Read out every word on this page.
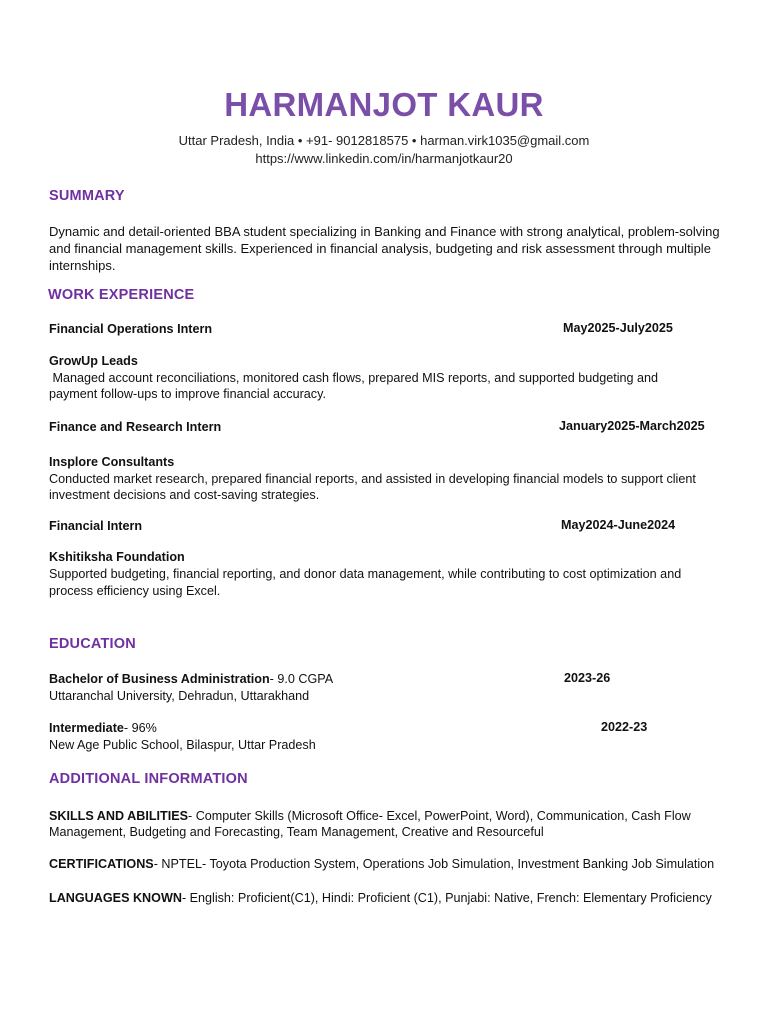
HARMANJOT KAUR
Uttar Pradesh, India • +91- 9012818575 • harman.virk1035@gmail.com
https://www.linkedin.com/in/harmanjotkaur20
SUMMARY
Dynamic and detail-oriented BBA student specializing in Banking and Finance with strong analytical, problem-solving
and financial management skills. Experienced in financial analysis, budgeting and risk assessment through multiple
internships.
WORK EXPERIENCE
Financial Operations Intern	May2025-July2025
GrowUp Leads
Managed account reconciliations, monitored cash flows, prepared MIS reports, and supported budgeting and
payment follow-ups to improve financial accuracy.
Finance and Research Intern	January2025-March2025
Insplore Consultants
Conducted market research, prepared financial reports, and assisted in developing financial models to support client
investment decisions and cost-saving strategies.
Financial Intern	May2024-June2024
Kshitiksha Foundation
Supported budgeting, financial reporting, and donor data management, while contributing to cost optimization and
process efficiency using Excel.
EDUCATION
Bachelor of Business Administration- 9.0 CGPA	2023-26
Uttaranchal University, Dehradun, Uttarakhand
Intermediate- 96%	2022-23
New Age Public School, Bilaspur, Uttar Pradesh
ADDITIONAL INFORMATION
SKILLS AND ABILITIES- Computer Skills (Microsoft Office- Excel, PowerPoint, Word), Communication, Cash Flow
Management, Budgeting and Forecasting, Team Management, Creative and Resourceful
CERTIFICATIONS- NPTEL- Toyota Production System, Operations Job Simulation, Investment Banking Job Simulation
LANGUAGES KNOWN- English: Proficient(C1), Hindi: Proficient (C1), Punjabi: Native, French: Elementary Proficiency
